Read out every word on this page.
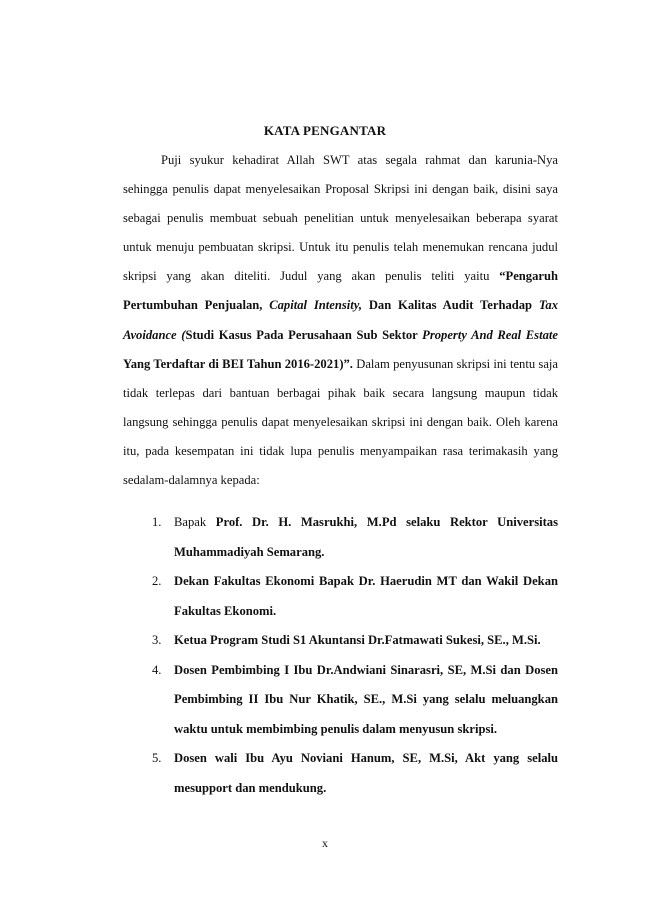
KATA PENGANTAR

Puji syukur kehadirat Allah SWT atas segala rahmat dan karunia-Nya sehingga penulis dapat menyelesaikan Proposal Skripsi ini dengan baik, disini saya sebagai penulis membuat sebuah penelitian untuk menyelesaikan beberapa syarat untuk menuju pembuatan skripsi. Untuk itu penulis telah menemukan rencana judul skripsi yang akan diteliti. Judul yang akan penulis teliti yaitu “Pengaruh Pertumbuhan Penjualan, Capital Intensity, Dan Kalitas Audit Terhadap Tax Avoidance (Studi Kasus Pada Perusahaan Sub Sektor Property And Real Estate Yang Terdaftar di BEI Tahun 2016-2021)”. Dalam penyusunan skripsi ini tentu saja tidak terlepas dari bantuan berbagai pihak baik secara langsung maupun tidak langsung sehingga penulis dapat menyelesaikan skripsi ini dengan baik. Oleh karena itu, pada kesempatan ini tidak lupa penulis menyampaikan rasa terimakasih yang sedalam-dalamnya kepada:

1. Bapak Prof. Dr. H. Masrukhi, M.Pd selaku Rektor Universitas Muhammadiyah Semarang.
2. Dekan Fakultas Ekonomi Bapak Dr. Haerudin MT dan Wakil Dekan Fakultas Ekonomi.
3. Ketua Program Studi S1 Akuntansi Dr.Fatmawati Sukesi, SE., M.Si.
4. Dosen Pembimbing I Ibu Dr.Andwiani Sinarasri, SE, M.Si dan Dosen Pembimbing II Ibu Nur Khatik, SE., M.Si yang selalu meluangkan waktu untuk membimbing penulis dalam menyusun skripsi.
5. Dosen wali Ibu Ayu Noviani Hanum, SE, M.Si, Akt yang selalu mesupport dan mendukung.
x
